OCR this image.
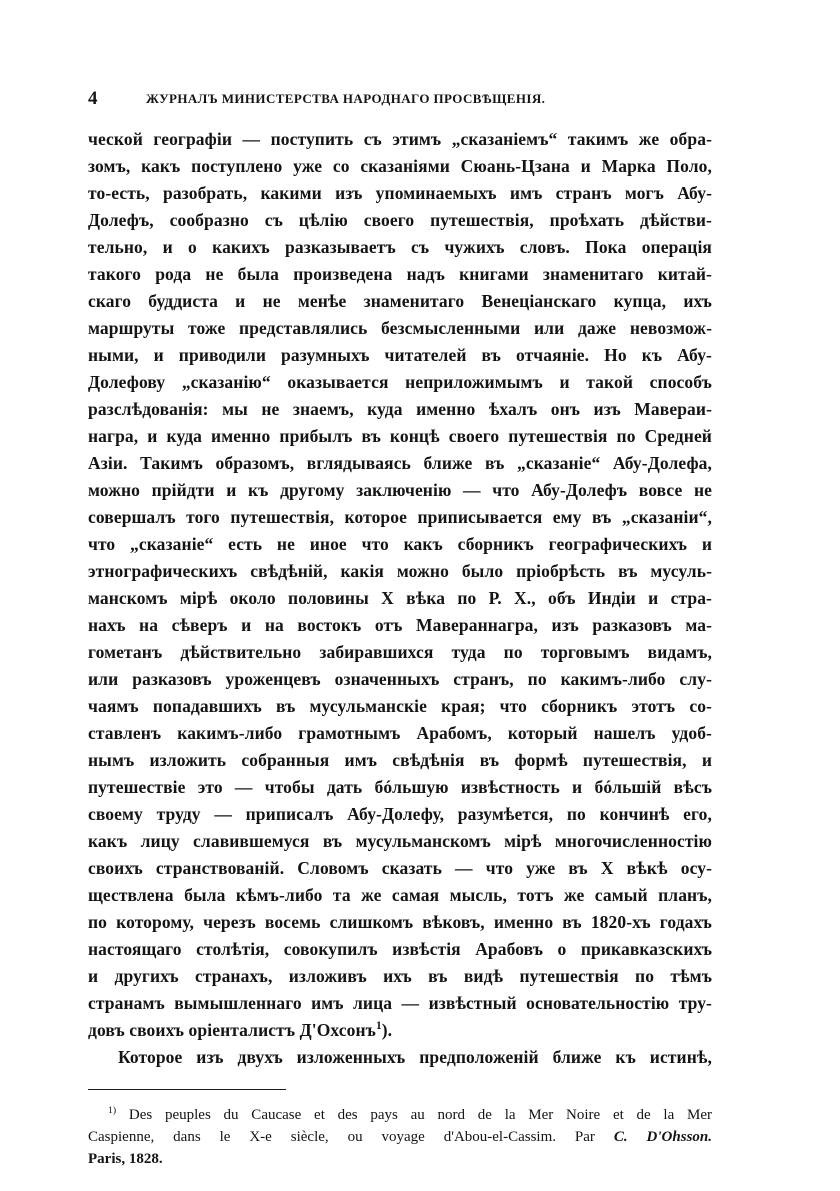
4	ЖУРНАЛЪ МИНИСТЕРСТВА НАРОДНАГО ПРОСВѢЩЕНІЯ.
ческой географіи — поступить съ этимъ „сказаніемъ“ такимъ же обра-
зомъ, какъ поступлено уже со сказаніями Сюань-Цзана и Марка Поло,
то-есть, разобрать, какими изъ упоминаемыхъ имъ странъ могъ Абу-
Долефъ, сообразно съ цѣлію своего путешествія, проѣхать дѣйстви-
тельно, и о какихъ разказываетъ съ чужихъ словъ. Пока операція
такого рода не была произведена надъ книгами знаменитаго китай-
скаго буддиста и не менѣе знаменитаго Венеціанскаго купца, ихъ
маршруты тоже представлялись безсмысленными или даже невозмож-
ными, и приводили разумныхъ читателей въ отчаяніе. Но къ Абу-
Долефову „сказанію“ оказывается неприложимымъ и такой способъ
разслѣдованія: мы не знаемъ, куда именно ѣхалъ онъ изъ Мавераи-
награ, и куда именно прибылъ въ концѣ своего путешествія по Средней
Азіи. Такимъ образомъ, вглядываясь ближе въ „сказаніе“ Абу-Долефа,
можно прійдти и къ другому заключенію — что Абу-Долефъ вовсе не
совершалъ того путешествія, которое приписывается ему въ „сказаніи“,
что „сказаніе“ есть не иное что какъ сборникъ географическихъ и
этнографическихъ свѣдѣній, какія можно было пріобрѣсть въ мусуль-
манскомъ мірѣ около половины X вѣка по Р. Х., объ Индіи и стра-
нахъ на сѣверъ и на востокъ отъ Мавераннагра, изъ разказовъ ма-
гометанъ дѣйствительно забиравшихся туда по торговымъ видамъ,
или разказовъ уроженцевъ означенныхъ странъ, по какимъ-либо слу-
чаямъ попадавшихъ въ мусульманскіе края; что сборникъ этотъ со-
ставленъ какимъ-либо грамотнымъ Арабомъ, который нашелъ удоб-
нымъ изложить собранныя имъ свѣдѣнія въ формѣ путешествія, и
путешествіе это — чтобы дать бóльшую извѣстность и бóльшій вѣсъ
своему труду — приписалъ Абу-Долефу, разумѣется, по кончинѣ его,
какъ лицу славившемуся въ мусульманскомъ мірѣ многочисленностію
своихъ странствованій. Словомъ сказать — что уже въ X вѣкѣ осу-
ществлена была кѣмъ-либо та же самая мысль, тотъ же самый планъ,
по которому, черезъ восемь слишкомъ вѣковъ, именно въ 1820-хъ годахъ
настоящаго столѣтія, совокупилъ извѣстія Арабовъ о прикавказскихъ
и другихъ странахъ, изложивъ ихъ въ видѣ путешествія по тѣмъ
странамъ вымышленнаго имъ лица — извѣстный основательностію тру-
довъ своихъ оріенталистъ Д'Охсонъ$^1$).
Которое изъ двухъ изложенныхъ предположеній ближе къ истинѣ,
$^{1)}$ Des peuples du Caucase et des pays au nord de la Mer Noire et de la Mer
Caspienne, dans le X-e siècle, ou voyage d'Abou-el-Cassim. Par C. D'Ohsson.
Paris, 1828.
